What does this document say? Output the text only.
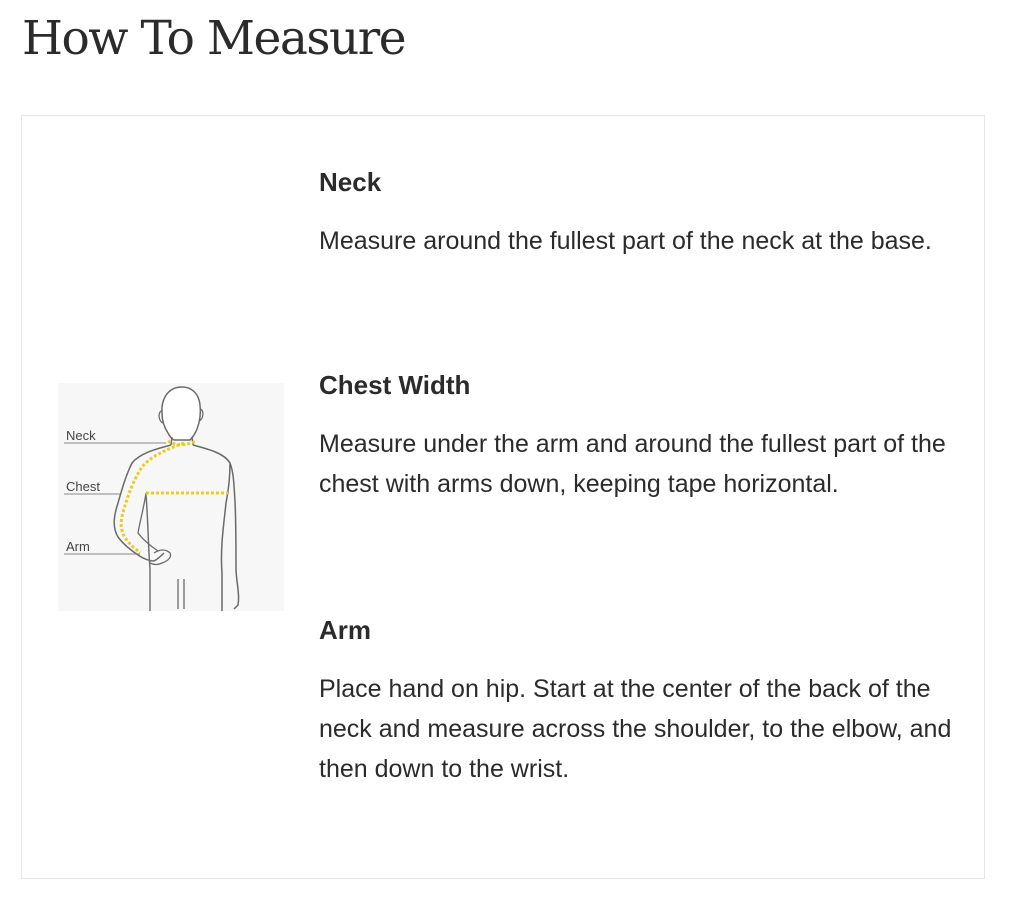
How To Measure
Neck
Chest
Arm
Neck

Measure around the fullest part of the neck at the base.

Chest Width

Measure under the arm and around the fullest part of the chest with arms down, keeping tape horizontal.

Arm

Place hand on hip. Start at the center of the back of the neck and measure across the shoulder, to the elbow, and then down to the wrist.
